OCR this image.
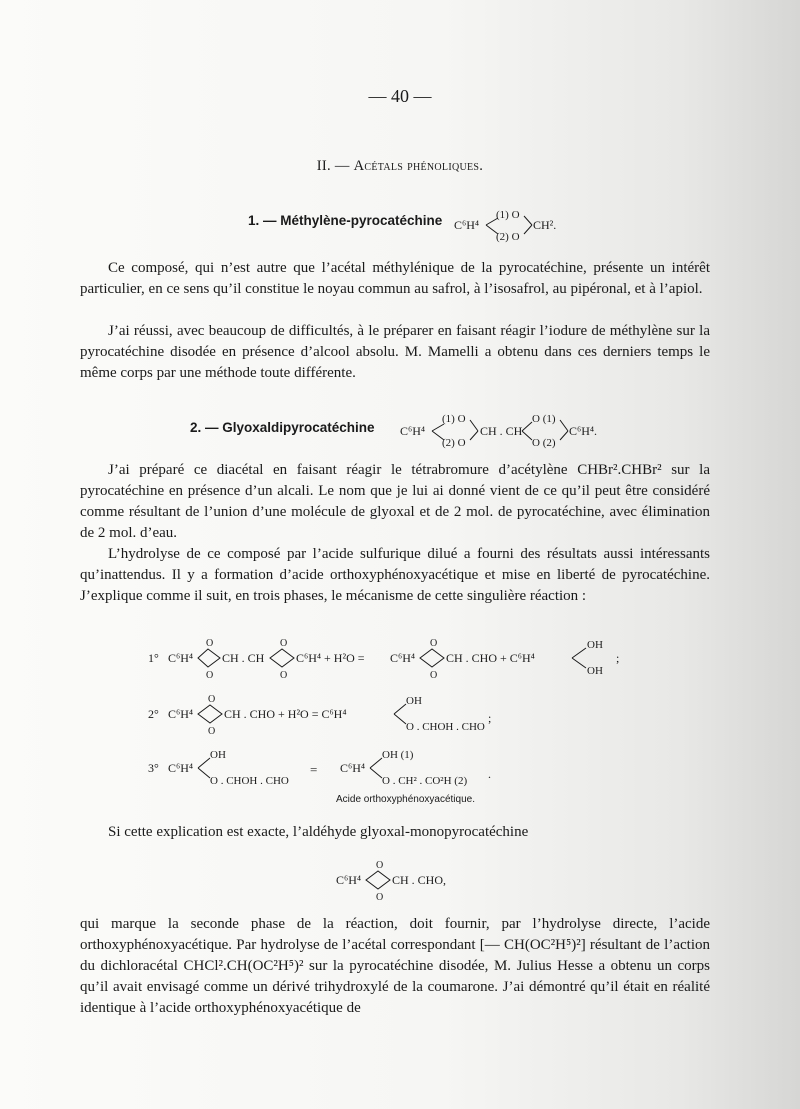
— 40 —
II. — Acétals phénoliques.
1. — Méthylène-pyrocatéchine C⁶H⁴
(1) O
(2) O
CH².

Ce composé, qui n’est autre que l’acétal méthylénique de la pyrocatéchine, présente un intérêt particulier, en ce sens qu’il constitue le noyau commun au safrol, à l’isosafrol, au pipéronal, et à l’apiol.

J’ai réussi, avec beaucoup de difficultés, à le préparer en faisant réagir l’iodure de méthylène sur la pyrocatéchine disodée en présence d’alcool absolu. M. Mamelli a obtenu dans ces derniers temps le même corps par une méthode toute différente.

2. — Glyoxaldipyrocatéchine C⁶H⁴
(1) O
(2) O
CH . CH
O (1)
O (2)
C⁶H⁴.

J’ai préparé ce diacétal en faisant réagir le tétrabromure d’acétylène CHBr².CHBr² sur la pyrocatéchine en présence d’un alcali. Le nom que je lui ai donné vient de ce qu’il peut être considéré comme résultant de l’union d’une molécule de glyoxal et de 2 mol. de pyrocatéchine, avec élimination de 2 mol. d’eau.

L’hydrolyse de ce composé par l’acide sulfurique dilué a fourni des résultats aussi intéressants qu’inattendus. Il y a formation d’acide orthoxyphénoxyacétique et mise en liberté de pyrocatéchine. J’explique comme il suit, en trois phases, le mécanisme de cette singulière réaction :

1° C⁶H⁴
O
O
CH . CH
O
O
C⁶H⁴ + H²O = C⁶H⁴
O
O
CH . CHO + C⁶H⁴
OH
OH
;
2° C⁶H⁴
O
O
CH . CHO + H²O = C⁶H⁴
OH
O . CHOH . CHO
;
3° C⁶H⁴
OH
O . CHOH . CHO
= C⁶H⁴
OH (1)
O . CH² . CO²H (2) .
Acide orthoxyphénoxyacétique.

Si cette explication est exacte, l’aldéhyde glyoxal-monopyrocatéchine

C⁶H⁴
O
O
CH . CHO,

qui marque la seconde phase de la réaction, doit fournir, par l’hydrolyse directe, l’acide orthoxyphénoxyacétique. Par hydrolyse de l’acétal correspondant [— CH(OC²H⁵)²] résultant de l’action du dichloracétal CHCl².CH(OC²H⁵)² sur la pyrocatéchine disodée, M. Julius Hesse a obtenu un corps qu’il avait envisagé comme un dérivé trihydroxylé de la coumarone. J’ai démontré qu’il était en réalité identique à l’acide orthoxyphénoxyacétique de
